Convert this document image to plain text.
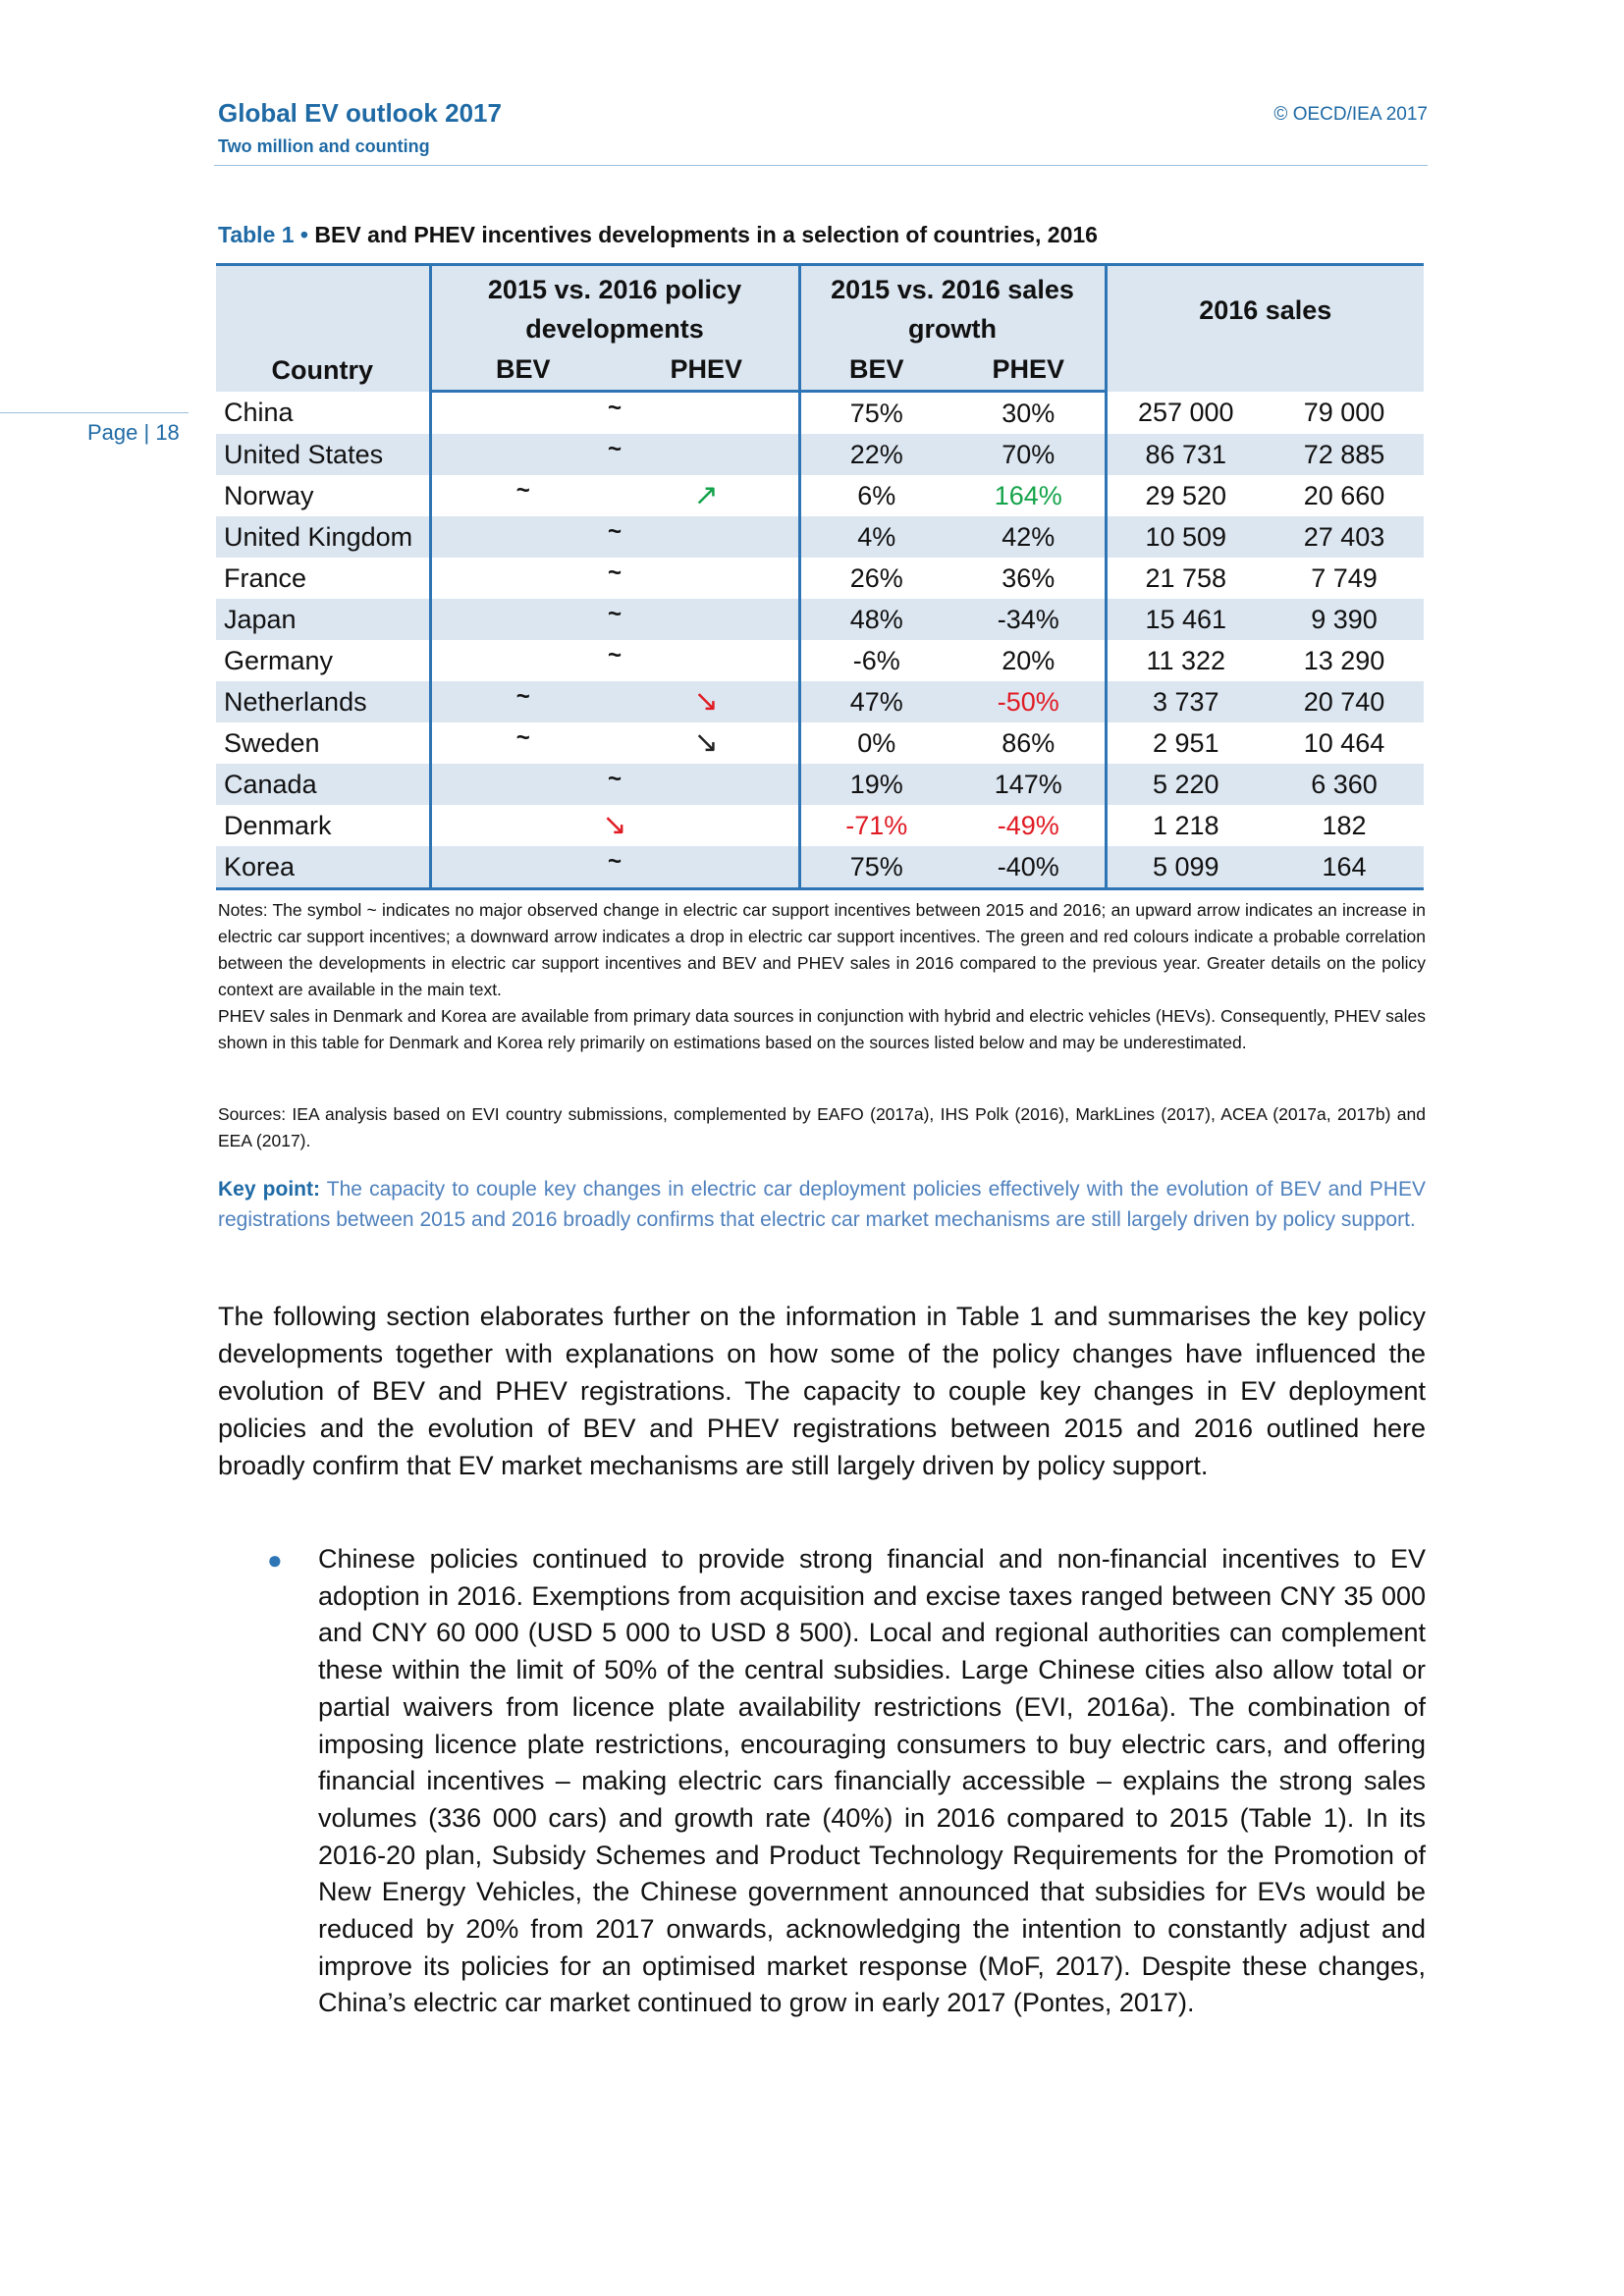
Global EV outlook 2017
Two million and counting
© OECD/IEA 2017
Page | 18
Table 1 • BEV and PHEV incentives developments in a selection of countries, 2016
Country	2015 vs. 2016 policy developments		2015 vs. 2016 sales growth		2016 sales	
	BEV	PHEV	BEV	PHEV		
China	~		75%	30%	257 000	79 000
United States	~		22%	70%	86 731	72 885
Norway	~	↗	6%	164%	29 520	20 660
United Kingdom	~		4%	42%	10 509	27 403
France	~		26%	36%	21 758	7 749
Japan	~		48%	-34%	15 461	9 390
Germany	~		-6%	20%	11 322	13 290
Netherlands	~	↘	47%	-50%	3 737	20 740
Sweden	~	↘	0%	86%	2 951	10 464
Canada	~		19%	147%	5 220	6 360
Denmark	↘		-71%	-49%	1 218	182
Korea	~		75%	-40%	5 099	164

Notes: The symbol ~ indicates no major observed change in electric car support incentives between 2015 and 2016; an upward arrow indicates an increase in electric car support incentives; a downward arrow indicates a drop in electric car support incentives. The green and red colours indicate a probable correlation between the developments in electric car support incentives and BEV and PHEV sales in 2016 compared to the previous year. Greater details on the policy context are available in the main text.

PHEV sales in Denmark and Korea are available from primary data sources in conjunction with hybrid and electric vehicles (HEVs). Consequently, PHEV sales shown in this table for Denmark and Korea rely primarily on estimations based on the sources listed below and may be underestimated.

Sources: IEA analysis based on EVI country submissions, complemented by EAFO (2017a), IHS Polk (2016), MarkLines (2017), ACEA (2017a, 2017b) and EEA (2017).
Key point: The capacity to couple key changes in electric car deployment policies effectively with the evolution of BEV and PHEV registrations between 2015 and 2016 broadly confirms that electric car market mechanisms are still largely driven by policy support.
The following section elaborates further on the information in Table 1 and summarises the key policy developments together with explanations on how some of the policy changes have influenced the evolution of BEV and PHEV registrations. The capacity to couple key changes in EV deployment policies and the evolution of BEV and PHEV registrations between 2015 and 2016 outlined here broadly confirm that EV market mechanisms are still largely driven by policy support.
● Chinese policies continued to provide strong financial and non-financial incentives to EV adoption in 2016. Exemptions from acquisition and excise taxes ranged between CNY 35 000 and CNY 60 000 (USD 5 000 to USD 8 500). Local and regional authorities can complement these within the limit of 50% of the central subsidies. Large Chinese cities also allow total or partial waivers from licence plate availability restrictions (EVI, 2016a). The combination of imposing licence plate restrictions, encouraging consumers to buy electric cars, and offering financial incentives – making electric cars financially accessible – explains the strong sales volumes (336 000 cars) and growth rate (40%) in 2016 compared to 2015 (Table 1). In its 2016-20 plan, Subsidy Schemes and Product Technology Requirements for the Promotion of New Energy Vehicles, the Chinese government announced that subsidies for EVs would be reduced by 20% from 2017 onwards, acknowledging the intention to constantly adjust and improve its policies for an optimised market response (MoF, 2017). Despite these changes, China’s electric car market continued to grow in early 2017 (Pontes, 2017).
